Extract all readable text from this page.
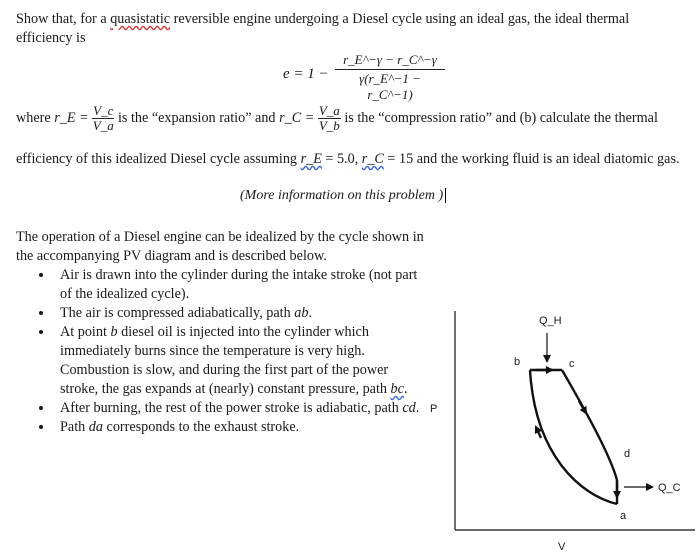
Show that, for a quasistatic reversible engine undergoing a Diesel cycle using an ideal gas, the ideal thermal efficiency is
$e = 1 - \frac{r\_E\^{}-\gamma - r\_C\^{}-\gamma}{\gamma(r\_E\^{}-1 - r\_C\^{}-1)}$
where r_E = $\frac{V\_c}{V\_a}$ is the “expansion ratio” and r_C = $\frac{V\_a}{V\_b}$ is the “compression ratio” and (b) calculate the thermal
efficiency of this idealized Diesel cycle assuming r_E = 5.0, r_C = 15 and the working fluid is an ideal diatomic gas.
(More information on this problem )
The operation of a Diesel engine can be idealized by the cycle shown in the accompanying PV diagram and is described below.
• Air is drawn into the cylinder during the intake stroke (not part of the idealized cycle).
• The air is compressed adiabatically, path ab.
• At point b diesel oil is injected into the cylinder which immediately burns since the temperature is very high. Combustion is slow, and during the first part of the power stroke, the gas expands at (nearly) constant pressure, path bc.
• After burning, the rest of the power stroke is adiabatic, path cd.
• Path da corresponds to the exhaust stroke.
P
V
Q_H
Q_C
b	c
d
a
